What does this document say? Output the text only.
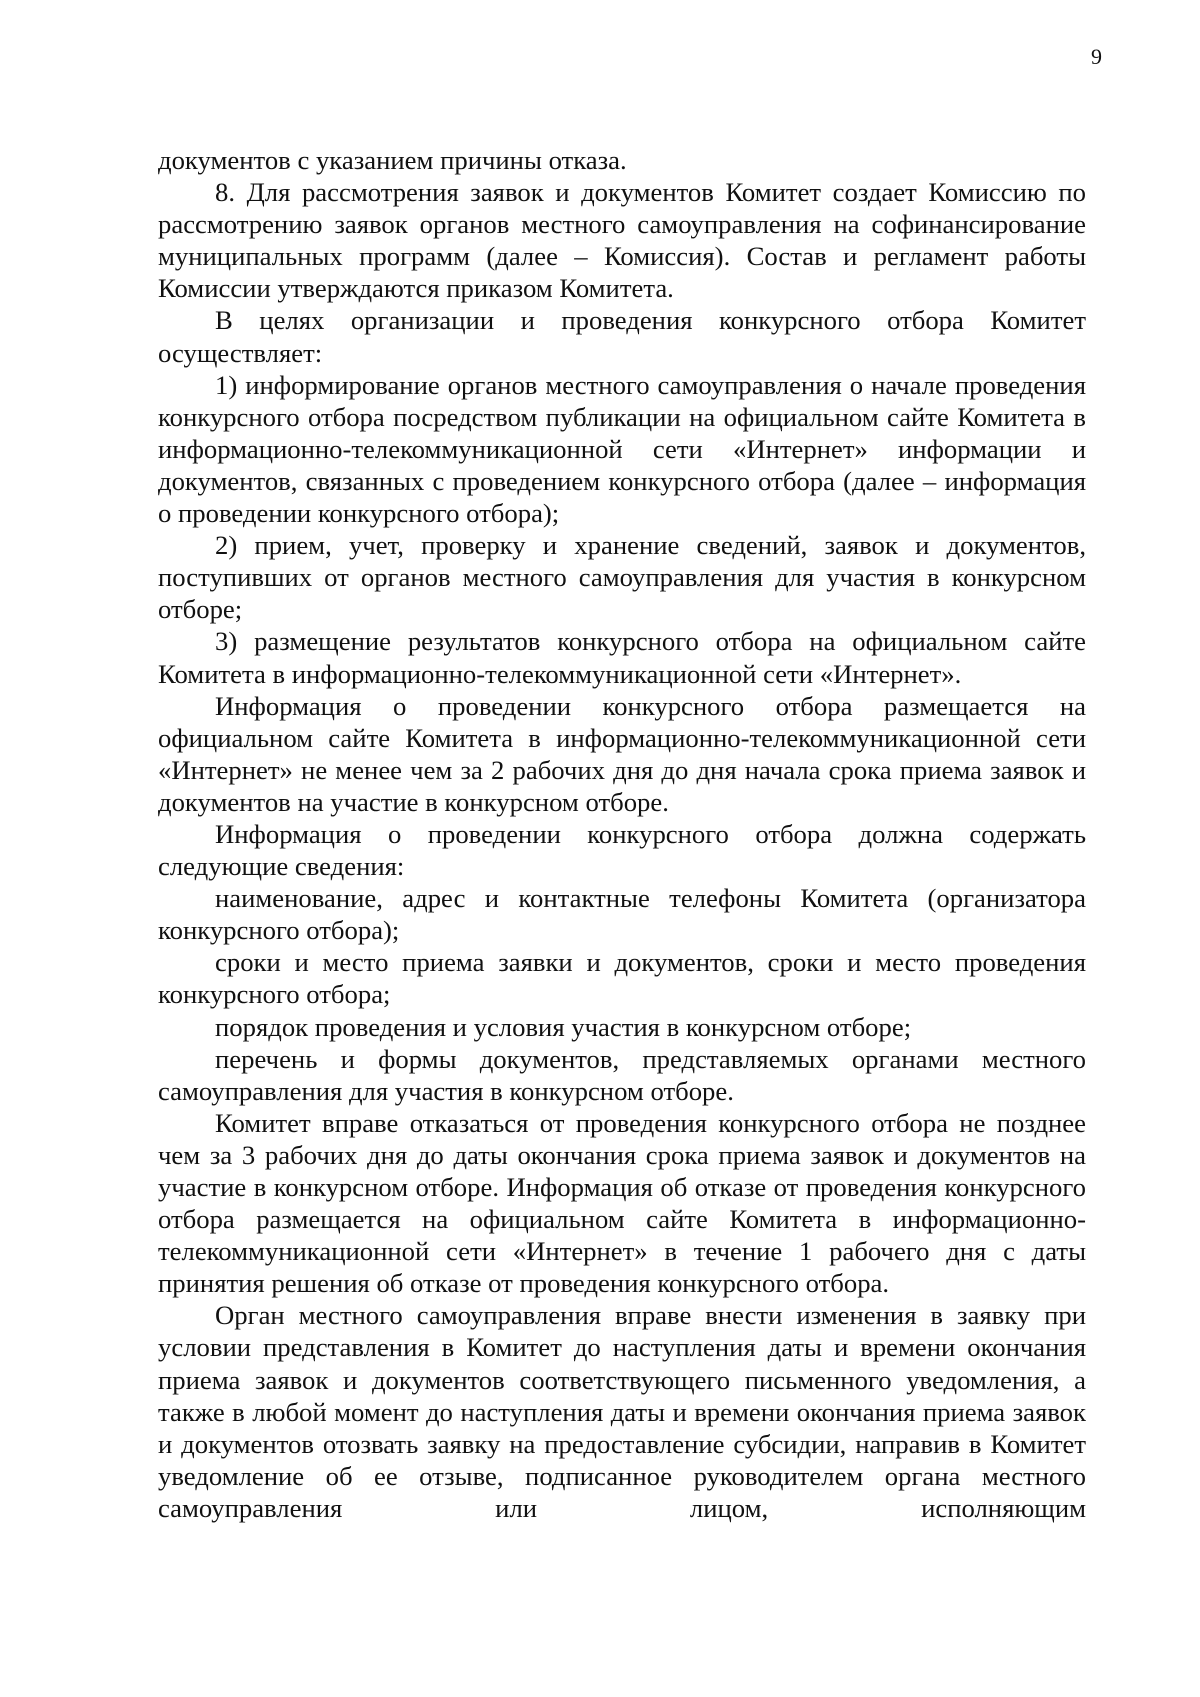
9

документов с указанием причины отказа.

8. Для рассмотрения заявок и документов Комитет создает Комиссию по рассмотрению заявок органов местного самоуправления на софинансирование муниципальных программ (далее – Комиссия). Состав и регламент работы Комиссии утверждаются приказом Комитета.

В целях организации и проведения конкурсного отбора Комитет осуществляет:

1) информирование органов местного самоуправления о начале проведения конкурсного отбора посредством публикации на официальном сайте Комитета в информационно-телекоммуникационной сети «Интернет» информации и документов, связанных с проведением конкурсного отбора (далее – информация о проведении конкурсного отбора);

2) прием, учет, проверку и хранение сведений, заявок и документов, поступивших от органов местного самоуправления для участия в конкурсном отборе;

3) размещение результатов конкурсного отбора на официальном сайте Комитета в информационно-телекоммуникационной сети «Интернет».

Информация о проведении конкурсного отбора размещается на официальном сайте Комитета в информационно-телекоммуникационной сети «Интернет» не менее чем за 2 рабочих дня до дня начала срока приема заявок и документов на участие в конкурсном отборе.

Информация о проведении конкурсного отбора должна содержать следующие сведения:

наименование, адрес и контактные телефоны Комитета (организатора конкурсного отбора);

сроки и место приема заявки и документов, сроки и место проведения конкурсного отбора;

порядок проведения и условия участия в конкурсном отборе;

перечень и формы документов, представляемых органами местного самоуправления для участия в конкурсном отборе.

Комитет вправе отказаться от проведения конкурсного отбора не позднее чем за 3 рабочих дня до даты окончания срока приема заявок и документов на участие в конкурсном отборе. Информация об отказе от проведения конкурсного отбора размещается на официальном сайте Комитета в информационно-телекоммуникационной сети «Интернет» в течение 1 рабочего дня с даты принятия решения об отказе от проведения конкурсного отбора.

Орган местного самоуправления вправе внести изменения в заявку при условии представления в Комитет до наступления даты и времени окончания приема заявок и документов соответствующего письменного уведомления, а также в любой момент до наступления даты и времени окончания приема заявок и документов отозвать заявку на предоставление субсидии, направив в Комитет уведомление об ее отзыве, подписанное руководителем органа местного самоуправления или лицом, исполняющим
